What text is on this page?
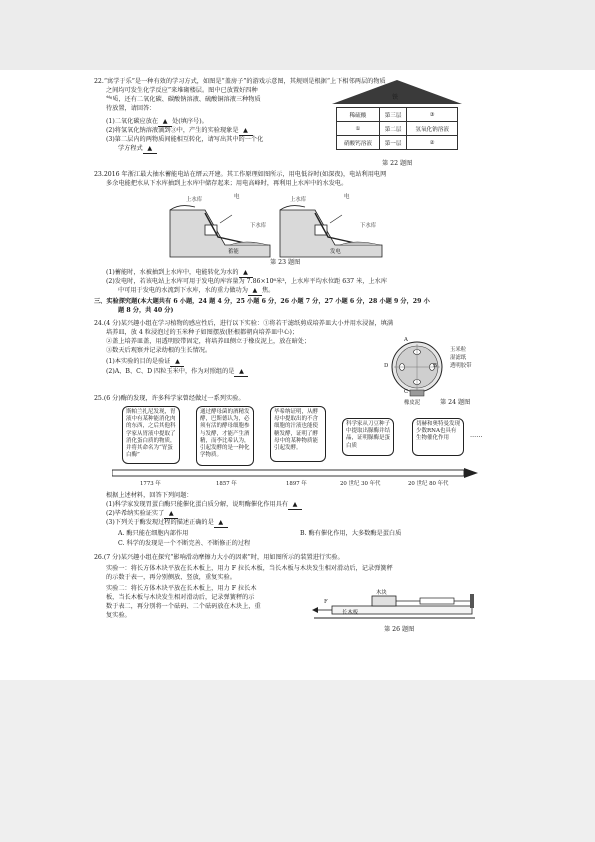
22.“寓学于乐”是一种有效的学习方式，如图是“盖房子”的游戏示意图，其规则是根据“上下相邻两层的物质
之间均可发生化学反应”来堆砌楼层。图中已放置好四种
物质，还有二氧化碳、碳酸钠溶液、硫酸铜溶液三种物质
待放置，请回答：
(1)二氧化碳应放在 ▲ 处(填序号)。
(2)将氢氧化钠溶液滴到③中，产生的实验现象是 ▲
(3)第二层内的两物质间能相互转化，请写出其中的一个化
学方程式 ▲
铁
稀硫酸	第三层	③
①	第二层	氢氧化钠溶液
硝酸钙溶液	第一层	②
第 22 题图
23.2016 年浙江最大抽水蓄能电站在缙云开建。其工作原理如图所示，用电低谷时(如深夜)，电站利用电网
多余电能把水从下水库抽到上水库中储存起来；用电高峰时，再利用上水库中的水发电。
上水库	电
下水库
上水库	电
下水库
蓄能	发电
第 23 题图
(1)蓄能时，水被抽到上水库中，电能转化为水的 ▲
(2)发电时，若该电站上水库可用于发电的库容量为 7.86×10⁶米³，上水库平均水位距 637 米，上水库
中可用于发电的水流到下水库，水的重力做功为 ▲ 焦。
三、实验探究题(本大题共有 6 小题，24 题 4 分，25 小题 6 分，26 小题 7 分，27 小题 6 分，28 小题 9 分，29 小
题 8 分，共 40 分)
24.(4 分)某兴趣小组在学习植物的感应性后，进行以下实验：①将若干滤纸剪成培养皿大小并用水浸湿，填满
培养皿，放 4 粒浸泡过的玉米种子如图摆放(胚根都朝向培养皿中心)；
②盖上培养皿盖，用透明胶带固定，将培养皿侧立于橡皮泥上，放在暗处；
③数天后观察并记录幼根的生长情况。
(1)本实验的目的是验证 ▲
(2)A、B、C、D 四粒玉米中，作为对照组的是 ▲
A
B
C
D
玉米粒
湿滤纸
透明胶带
橡皮泥	第 24 题图
25.(6 分)酶的发现，许多科学家曾经做过一系列实验。
斯帕兰扎尼发现，胃液中有某种能消化肉的东西，之后其他科学家从胃液中提取了消化蛋白质的物质，并将其命名为“胃蛋白酶”
通过酵母菌的酒精发酵，巴斯德认为，必须有活的酵母细胞参与发酵，才能产生酒精，而李比希认为，引起发酵的是一种化学物质。
毕希纳证明，从酵母中提取出的不含细胞的汁液也能使糖发酵，证明了酵母中的某种物质能引起发酵。
科学家从刀豆种子中提取出脲酶并结晶，证明脲酶是蛋白质
切赫和奥特曼发现少数RNA也具有生物催化作用	……
1773 年	1857 年	1897 年	20 世纪 30 年代	20 世纪 80 年代
根据上述材料，回答下列问题：
(1)科学家发现胃蛋白酶只能催化蛋白质分解，说明酶催化作用具有 ▲
(2)毕希纳实验证实了 ▲
(3)下列关于酶发现过程的描述正确的是 ▲
A. 酶只能在细胞内部作用	B. 酶有催化作用，大多数酶是蛋白质
C. 科学的发现是一个不断完善、不断修正的过程
26.(7 分)某兴趣小组在探究“影响滑动摩擦力大小的因素”时，用如图所示的装置进行实验。
实验一：将长方体木块平放在长木板上，用力 F 拉长木板，当长木板与木块发生相对滑动后，记录弹簧秤
的示数于表一，再分别侧放、竖放，重复实验。
实验二：将长方体木块平放在长木板上，用力 F 拉长木
板，当长木板与木块发生相对滑动后，记录弹簧秤的示
数于表二，再分别将一个砝码、二个砝码放在木块上，重
复实验。
F
木块
长木板
第 26 题图
